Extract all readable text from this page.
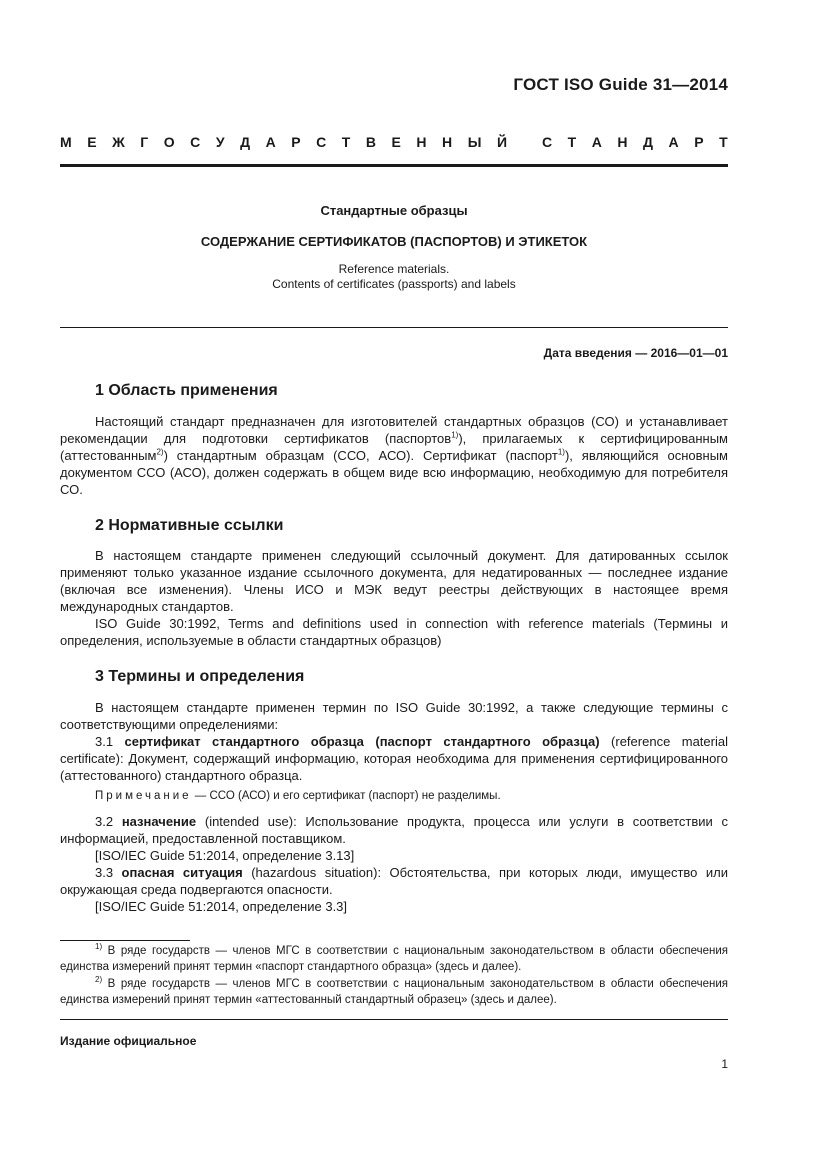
ГОСТ ISO Guide 31—2014
М Е Ж Г О С У Д А Р С Т В Е Н Н Ы Й
С Т А Н Д А Р Т
Стандартные образцы
СОДЕРЖАНИЕ СЕРТИФИКАТОВ (ПАСПОРТОВ) И ЭТИКЕТОК
Reference materials.
Contents of certificates (passports) and labels
Дата введения — 2016—01—01
1 Область применения

Настоящий стандарт предназначен для изготовителей стандартных образцов (СО) и устанавливает рекомендации для подготовки сертификатов (паспортов$^{1)}$), прилагаемых к сертифицированным (аттестованным$^{2)}$) стандартным образцам (ССО, АСО). Сертификат (паспорт$^{1)}$), являющийся основным документом ССО (АСО), должен содержать в общем виде всю информацию, необходимую для потребителя СО.

2 Нормативные ссылки

В настоящем стандарте применен следующий ссылочный документ. Для датированных ссылок применяют только указанное издание ссылочного документа, для недатированных — последнее издание (включая все изменения). Члены ИСО и МЭК ведут реестры действующих в настоящее время международных стандартов.

ISO Guide 30:1992, Terms and definitions used in connection with reference materials (Термины и определения, используемые в области стандартных образцов)

3 Термины и определения

В настоящем стандарте применен термин по ISO Guide 30:1992, а также следующие термины с соответствующими определениями:

3.1 сертификат стандартного образца (паспорт стандартного образца) (reference material certificate): Документ, содержащий информацию, которая необходима для применения сертифицированного (аттестованного) стандартного образца.

Примечание — ССО (АСО) и его сертификат (паспорт) не разделимы.

3.2 назначение (intended use): Использование продукта, процесса или услуги в соответствии с информацией, предоставленной поставщиком.

[ISO/IEC Guide 51:2014, определение 3.13]

3.3 опасная ситуация (hazardous situation): Обстоятельства, при которых люди, имущество или окружающая среда подвергаются опасности.

[ISO/IEC Guide 51:2014, определение 3.3]

$^{1)}$ В ряде государств — членов МГС в соответствии с национальным законодательством в области обеспечения единства измерений принят термин «паспорт стандартного образца» (здесь и далее).

$^{2)}$ В ряде государств — членов МГС в соответствии с национальным законодательством в области обеспечения единства измерений принят термин «аттестованный стандартный образец» (здесь и далее).

Издание официальное
1
